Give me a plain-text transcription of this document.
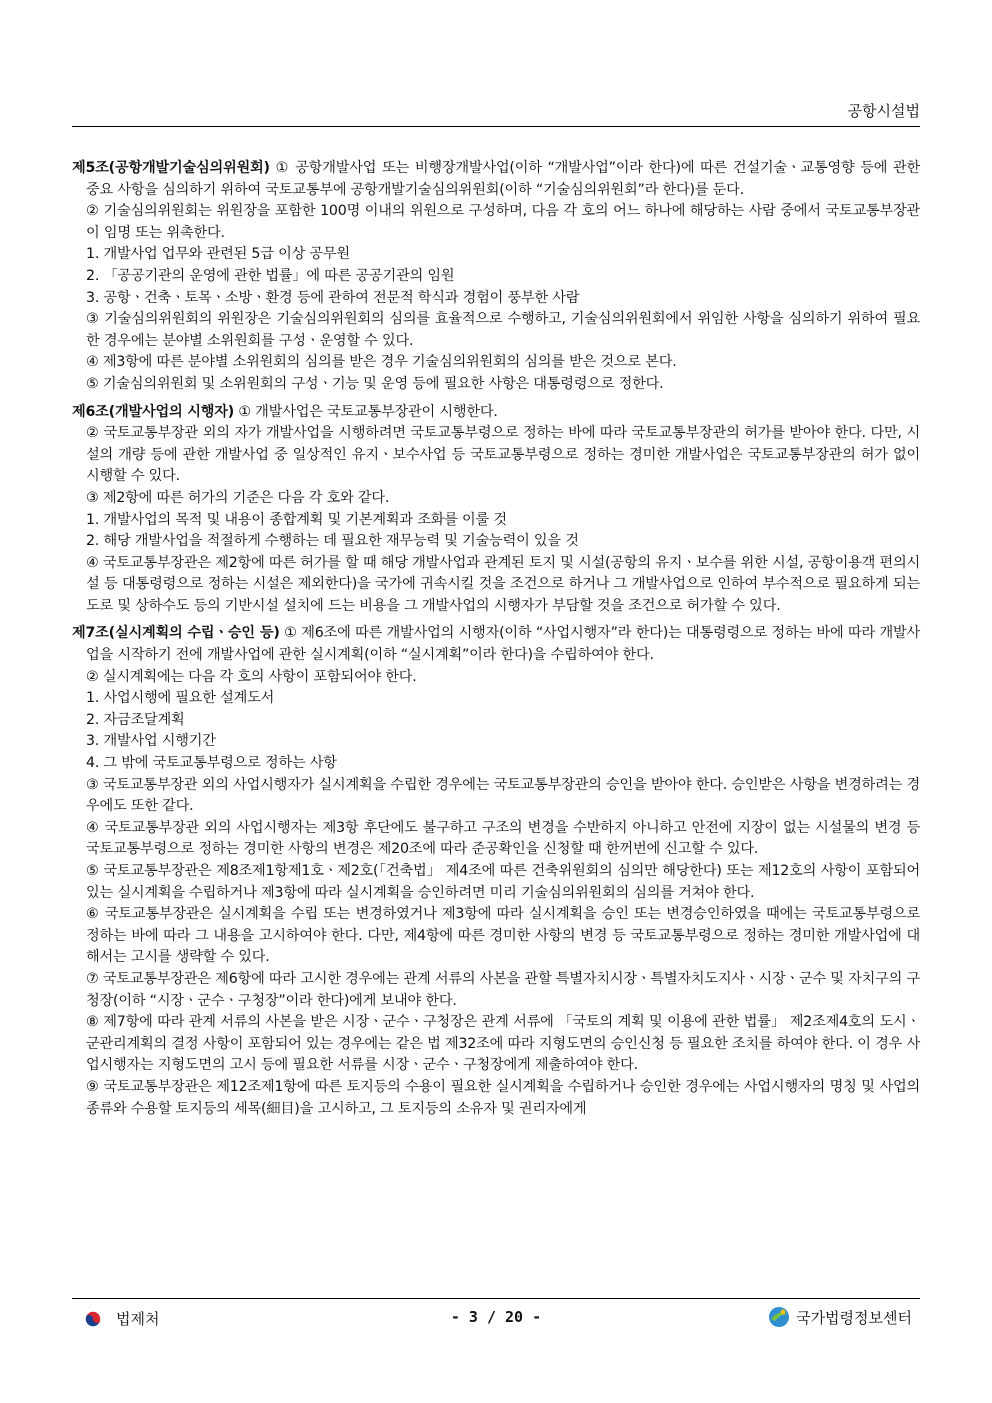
공항시설법
제5조(공항개발기술심의위원회) ① 공항개발사업 또는 비행장개발사업(이하 “개발사업”이라 한다)에 따른 건설기술ㆍ교통영향 등에 관한 중요 사항을 심의하기 위하여 국토교통부에 공항개발기술심의위원회(이하 “기술심의위원회”라 한다)를 둔다.
② 기술심의위원회는 위원장을 포함한 100명 이내의 위원으로 구성하며, 다음 각 호의 어느 하나에 해당하는 사람 중에서 국토교통부장관이 임명 또는 위촉한다.
1. 개발사업 업무와 관련된 5급 이상 공무원
2. 「공공기관의 운영에 관한 법률」에 따른 공공기관의 임원
3. 공항ㆍ건축ㆍ토목ㆍ소방ㆍ환경 등에 관하여 전문적 학식과 경험이 풍부한 사람
③ 기술심의위원회의 위원장은 기술심의위원회의 심의를 효율적으로 수행하고, 기술심의위원회에서 위임한 사항을 심의하기 위하여 필요한 경우에는 분야별 소위원회를 구성ㆍ운영할 수 있다.
④ 제3항에 따른 분야별 소위원회의 심의를 받은 경우 기술심의위원회의 심의를 받은 것으로 본다.
⑤ 기술심의위원회 및 소위원회의 구성ㆍ기능 및 운영 등에 필요한 사항은 대통령령으로 정한다.
제6조(개발사업의 시행자) ① 개발사업은 국토교통부장관이 시행한다.
② 국토교통부장관 외의 자가 개발사업을 시행하려면 국토교통부령으로 정하는 바에 따라 국토교통부장관의 허가를 받아야 한다. 다만, 시설의 개량 등에 관한 개발사업 중 일상적인 유지ㆍ보수사업 등 국토교통부령으로 정하는 경미한 개발사업은 국토교통부장관의 허가 없이 시행할 수 있다.
③ 제2항에 따른 허가의 기준은 다음 각 호와 같다.
1. 개발사업의 목적 및 내용이 종합계획 및 기본계획과 조화를 이룰 것
2. 해당 개발사업을 적절하게 수행하는 데 필요한 재무능력 및 기술능력이 있을 것
④ 국토교통부장관은 제2항에 따른 허가를 할 때 해당 개발사업과 관계된 토지 및 시설(공항의 유지ㆍ보수를 위한 시설, 공항이용객 편의시설 등 대통령령으로 정하는 시설은 제외한다)을 국가에 귀속시킬 것을 조건으로 하거나 그 개발사업으로 인하여 부수적으로 필요하게 되는 도로 및 상하수도 등의 기반시설 설치에 드는 비용을 그 개발사업의 시행자가 부담할 것을 조건으로 허가할 수 있다.
제7조(실시계획의 수립ㆍ승인 등) ① 제6조에 따른 개발사업의 시행자(이하 “사업시행자”라 한다)는 대통령령으로 정하는 바에 따라 개발사업을 시작하기 전에 개발사업에 관한 실시계획(이하 “실시계획”이라 한다)을 수립하여야 한다.
② 실시계획에는 다음 각 호의 사항이 포함되어야 한다.
1. 사업시행에 필요한 설계도서
2. 자금조달계획
3. 개발사업 시행기간
4. 그 밖에 국토교통부령으로 정하는 사항
③ 국토교통부장관 외의 사업시행자가 실시계획을 수립한 경우에는 국토교통부장관의 승인을 받아야 한다. 승인받은 사항을 변경하려는 경우에도 또한 같다.
④ 국토교통부장관 외의 사업시행자는 제3항 후단에도 불구하고 구조의 변경을 수반하지 아니하고 안전에 지장이 없는 시설물의 변경 등 국토교통부령으로 정하는 경미한 사항의 변경은 제20조에 따라 준공확인을 신청할 때 한꺼번에 신고할 수 있다.
⑤ 국토교통부장관은 제8조제1항제1호ㆍ제2호(「건축법」 제4조에 따른 건축위원회의 심의만 해당한다) 또는 제12호의 사항이 포함되어 있는 실시계획을 수립하거나 제3항에 따라 실시계획을 승인하려면 미리 기술심의위원회의 심의를 거쳐야 한다.
⑥ 국토교통부장관은 실시계획을 수립 또는 변경하였거나 제3항에 따라 실시계획을 승인 또는 변경승인하였을 때에는 국토교통부령으로 정하는 바에 따라 그 내용을 고시하여야 한다. 다만, 제4항에 따른 경미한 사항의 변경 등 국토교통부령으로 정하는 경미한 개발사업에 대해서는 고시를 생략할 수 있다.
⑦ 국토교통부장관은 제6항에 따라 고시한 경우에는 관계 서류의 사본을 관할 특별자치시장ㆍ특별자치도지사ㆍ시장ㆍ군수 및 자치구의 구청장(이하 “시장ㆍ군수ㆍ구청장”이라 한다)에게 보내야 한다.
⑧ 제7항에 따라 관계 서류의 사본을 받은 시장ㆍ군수ㆍ구청장은 관계 서류에 「국토의 계획 및 이용에 관한 법률」 제2조제4호의 도시ㆍ군관리계획의 결정 사항이 포함되어 있는 경우에는 같은 법 제32조에 따라 지형도면의 승인신청 등 필요한 조치를 하여야 한다. 이 경우 사업시행자는 지형도면의 고시 등에 필요한 서류를 시장ㆍ군수ㆍ구청장에게 제출하여야 한다.
⑨ 국토교통부장관은 제12조제1항에 따른 토지등의 수용이 필요한 실시계획을 수립하거나 승인한 경우에는 사업시행자의 명칭 및 사업의 종류와 수용할 토지등의 세목(細目)을 고시하고, 그 토지등의 소유자 및 권리자에게
법제처	- 3 / 20 -	국가법령정보센터
